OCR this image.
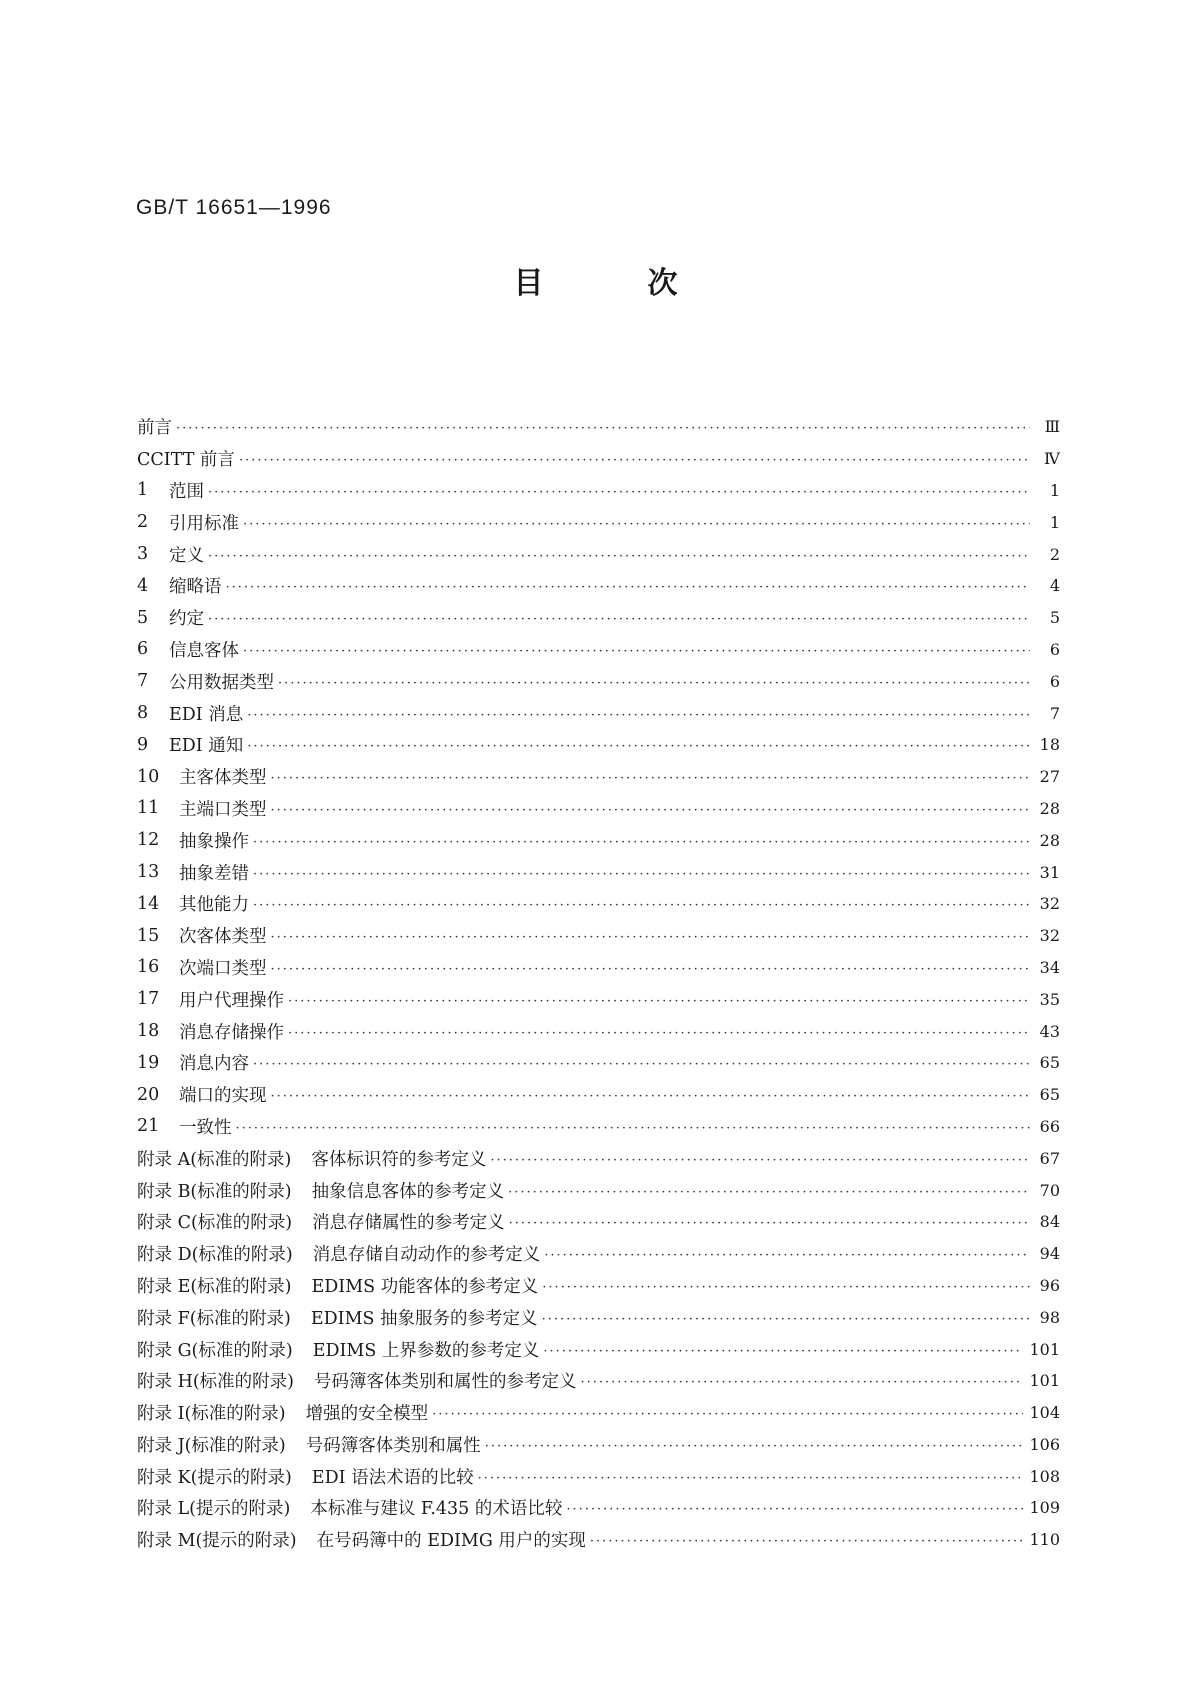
GB/T 16651—1996
目	次
前言 ·····	Ⅲ
CCITT 前言 ·····	Ⅳ
1	范围 ·····	1
2	引用标准 ·····	1
3	定义 ·····	2
4	缩略语 ·····	4
5	约定 ·····	5
6	信息客体 ·····	6
7	公用数据类型 ·····	6
8	EDI 消息 ·····	7
9	EDI 通知 ·····	18
10	主客体类型 ·····	27
11	主端口类型 ·····	28
12	抽象操作 ·····	28
13	抽象差错 ·····	31
14	其他能力 ·····	32
15	次客体类型 ·····	32
16	次端口类型 ·····	34
17	用户代理操作 ·····	35
18	消息存储操作 ·····	43
19	消息内容 ·····	65
20	端口的实现 ·····	65
21	一致性 ·····	66
附录 A(标准的附录) 客体标识符的参考定义 ·····	67
附录 B(标准的附录) 抽象信息客体的参考定义 ·····	70
附录 C(标准的附录) 消息存储属性的参考定义 ·····	84
附录 D(标准的附录) 消息存储自动动作的参考定义 ·····	94
附录 E(标准的附录) EDIMS 功能客体的参考定义 ·····	96
附录 F(标准的附录) EDIMS 抽象服务的参考定义 ·····	98
附录 G(标准的附录) EDIMS 上界参数的参考定义 ·····	101
附录 H(标准的附录) 号码簿客体类别和属性的参考定义 ·····	101
附录 I(标准的附录) 增强的安全模型 ·····	104
附录 J(标准的附录) 号码簿客体类别和属性 ·····	106
附录 K(提示的附录) EDI 语法术语的比较 ·····	108
附录 L(提示的附录) 本标准与建议 F.435 的术语比较 ·····	109
附录 M(提示的附录) 在号码簿中的 EDIMG 用户的实现 ·····	110
